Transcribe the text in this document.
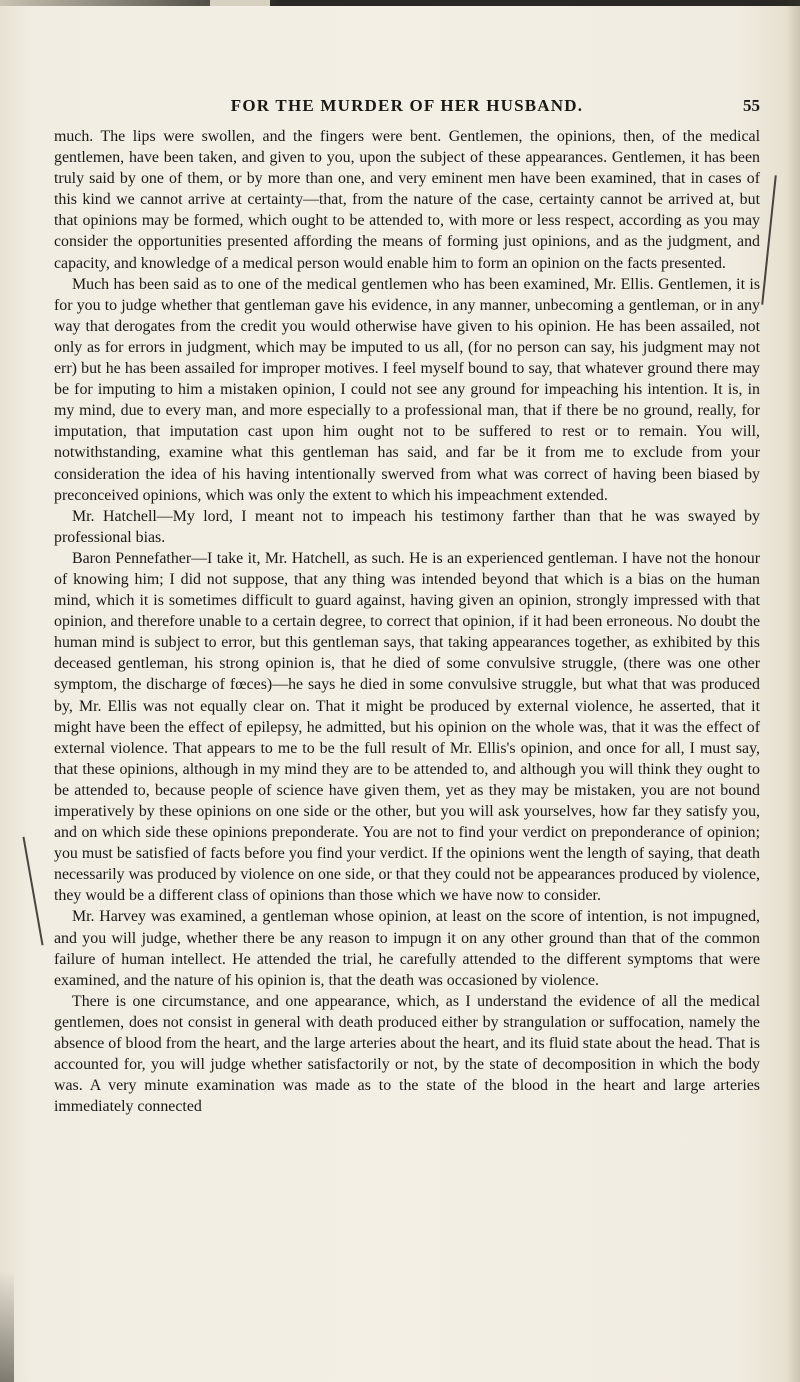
FOR THE MURDER OF HER HUSBAND.	55

much. The lips were swollen, and the fingers were bent. Gentlemen, the opinions, then, of the medical gentlemen, have been taken, and given to you, upon the subject of these appearances. Gentlemen, it has been truly said by one of them, or by more than one, and very eminent men have been examined, that in cases of this kind we cannot arrive at certainty—that, from the nature of the case, certainty cannot be arrived at, but that opinions may be formed, which ought to be attended to, with more or less respect, according as you may consider the opportunities presented affording the means of forming just opinions, and as the judgment, and capacity, and knowledge of a medical person would enable him to form an opinion on the facts presented.

Much has been said as to one of the medical gentlemen who has been examined, Mr. Ellis. Gentlemen, it is for you to judge whether that gentleman gave his evidence, in any manner, unbecoming a gentleman, or in any way that derogates from the credit you would otherwise have given to his opinion. He has been assailed, not only as for errors in judgment, which may be imputed to us all, (for no person can say, his judgment may not err) but he has been assailed for improper motives. I feel myself bound to say, that whatever ground there may be for imputing to him a mistaken opinion, I could not see any ground for impeaching his intention. It is, in my mind, due to every man, and more especially to a professional man, that if there be no ground, really, for imputation, that imputation cast upon him ought not to be suffered to rest or to remain. You will, notwithstanding, examine what this gentleman has said, and far be it from me to exclude from your consideration the idea of his having intentionally swerved from what was correct of having been biased by preconceived opinions, which was only the extent to which his impeachment extended.

Mr. Hatchell—My lord, I meant not to impeach his testimony farther than that he was swayed by professional bias.

Baron Pennefather—I take it, Mr. Hatchell, as such. He is an experienced gentleman. I have not the honour of knowing him; I did not suppose, that any thing was intended beyond that which is a bias on the human mind, which it is sometimes difficult to guard against, having given an opinion, strongly impressed with that opinion, and therefore unable to a certain degree, to correct that opinion, if it had been erroneous. No doubt the human mind is subject to error, but this gentleman says, that taking appearances together, as exhibited by this deceased gentleman, his strong opinion is, that he died of some convulsive struggle, (there was one other symptom, the discharge of fœces)—he says he died in some convulsive struggle, but what that was produced by, Mr. Ellis was not equally clear on. That it might be produced by external violence, he asserted, that it might have been the effect of epilepsy, he admitted, but his opinion on the whole was, that it was the effect of external violence. That appears to me to be the full result of Mr. Ellis's opinion, and once for all, I must say, that these opinions, although in my mind they are to be attended to, and although you will think they ought to be attended to, because people of science have given them, yet as they may be mistaken, you are not bound imperatively by these opinions on one side or the other, but you will ask yourselves, how far they satisfy you, and on which side these opinions preponderate. You are not to find your verdict on preponderance of opinion; you must be satisfied of facts before you find your verdict. If the opinions went the length of saying, that death necessarily was produced by violence on one side, or that they could not be appearances produced by violence, they would be a different class of opinions than those which we have now to consider.

Mr. Harvey was examined, a gentleman whose opinion, at least on the score of intention, is not impugned, and you will judge, whether there be any reason to impugn it on any other ground than that of the common failure of human intellect. He attended the trial, he carefully attended to the different symptoms that were examined, and the nature of his opinion is, that the death was occasioned by violence.

There is one circumstance, and one appearance, which, as I understand the evidence of all the medical gentlemen, does not consist in general with death produced either by strangulation or suffocation, namely the absence of blood from the heart, and the large arteries about the heart, and its fluid state about the head. That is accounted for, you will judge whether satisfactorily or not, by the state of decomposition in which the body was. A very minute examination was made as to the state of the blood in the heart and large arteries immediately connected
